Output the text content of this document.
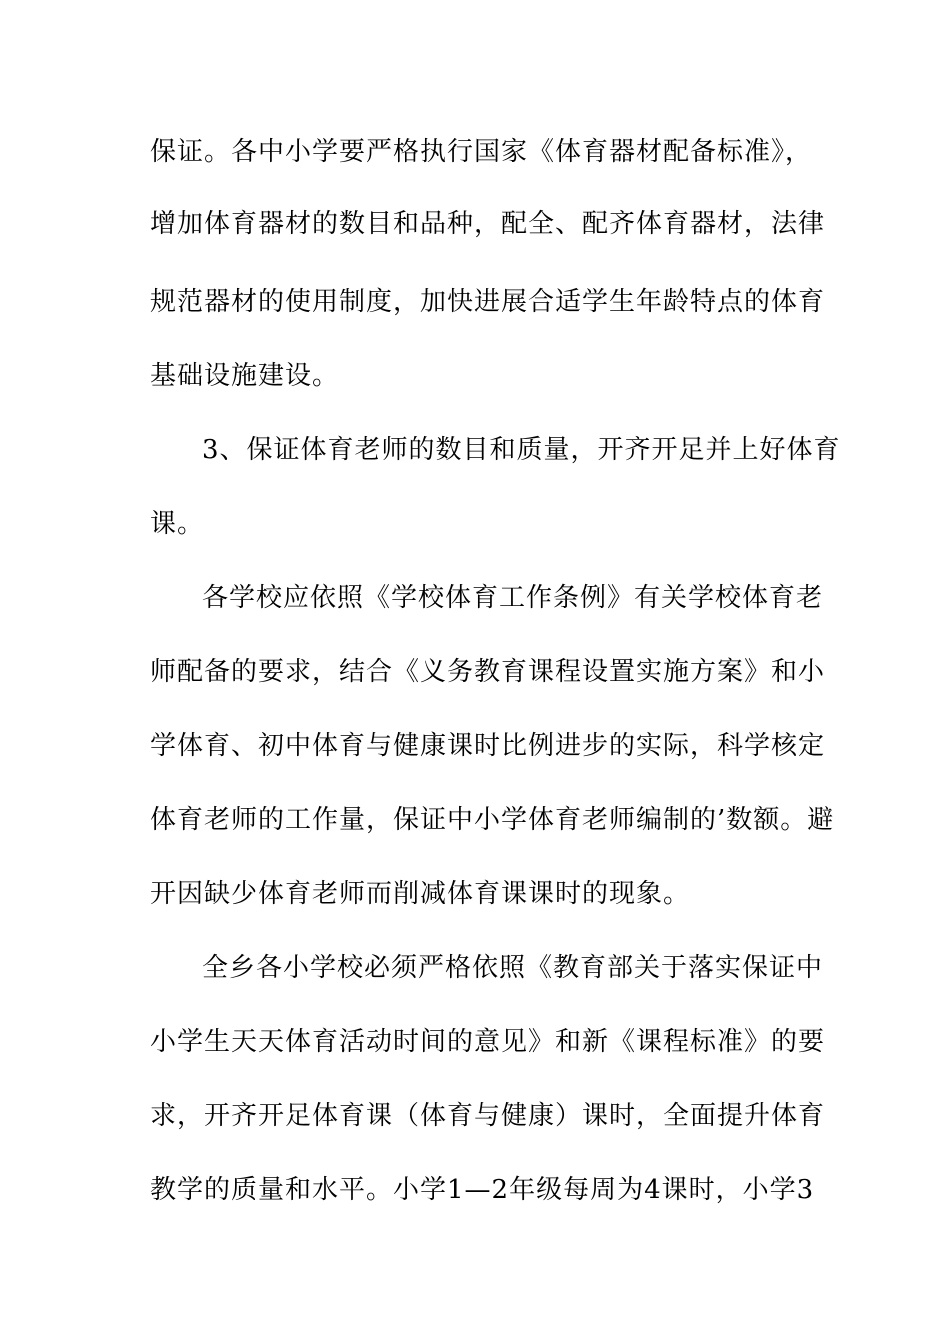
保证。各中小学要严格执行国家《体育器材配备标准》，
增加体育器材的数目和品种，配全、配齐体育器材，法律
规范器材的使用制度，加快进展合适学生年龄特点的体育
基础设施建设。
3、保证体育老师的数目和质量，开齐开足并上好体育
课。
各学校应依照《学校体育工作条例》有关学校体育老
师配备的要求，结合《义务教育课程设置实施方案》和小
学体育、初中体育与健康课时比例进步的实际，科学核定
体育老师的工作量，保证中小学体育老师编制的’数额。避
开因缺少体育老师而削减体育课课时的现象。
全乡各小学校必须严格依照《教育部关于落实保证中
小学生天天体育活动时间的意见》和新《课程标准》的要
求，开齐开足体育课（体育与健康）课时，全面提升体育
教学的质量和水平。小学1—2年级每周为4课时，小学3
